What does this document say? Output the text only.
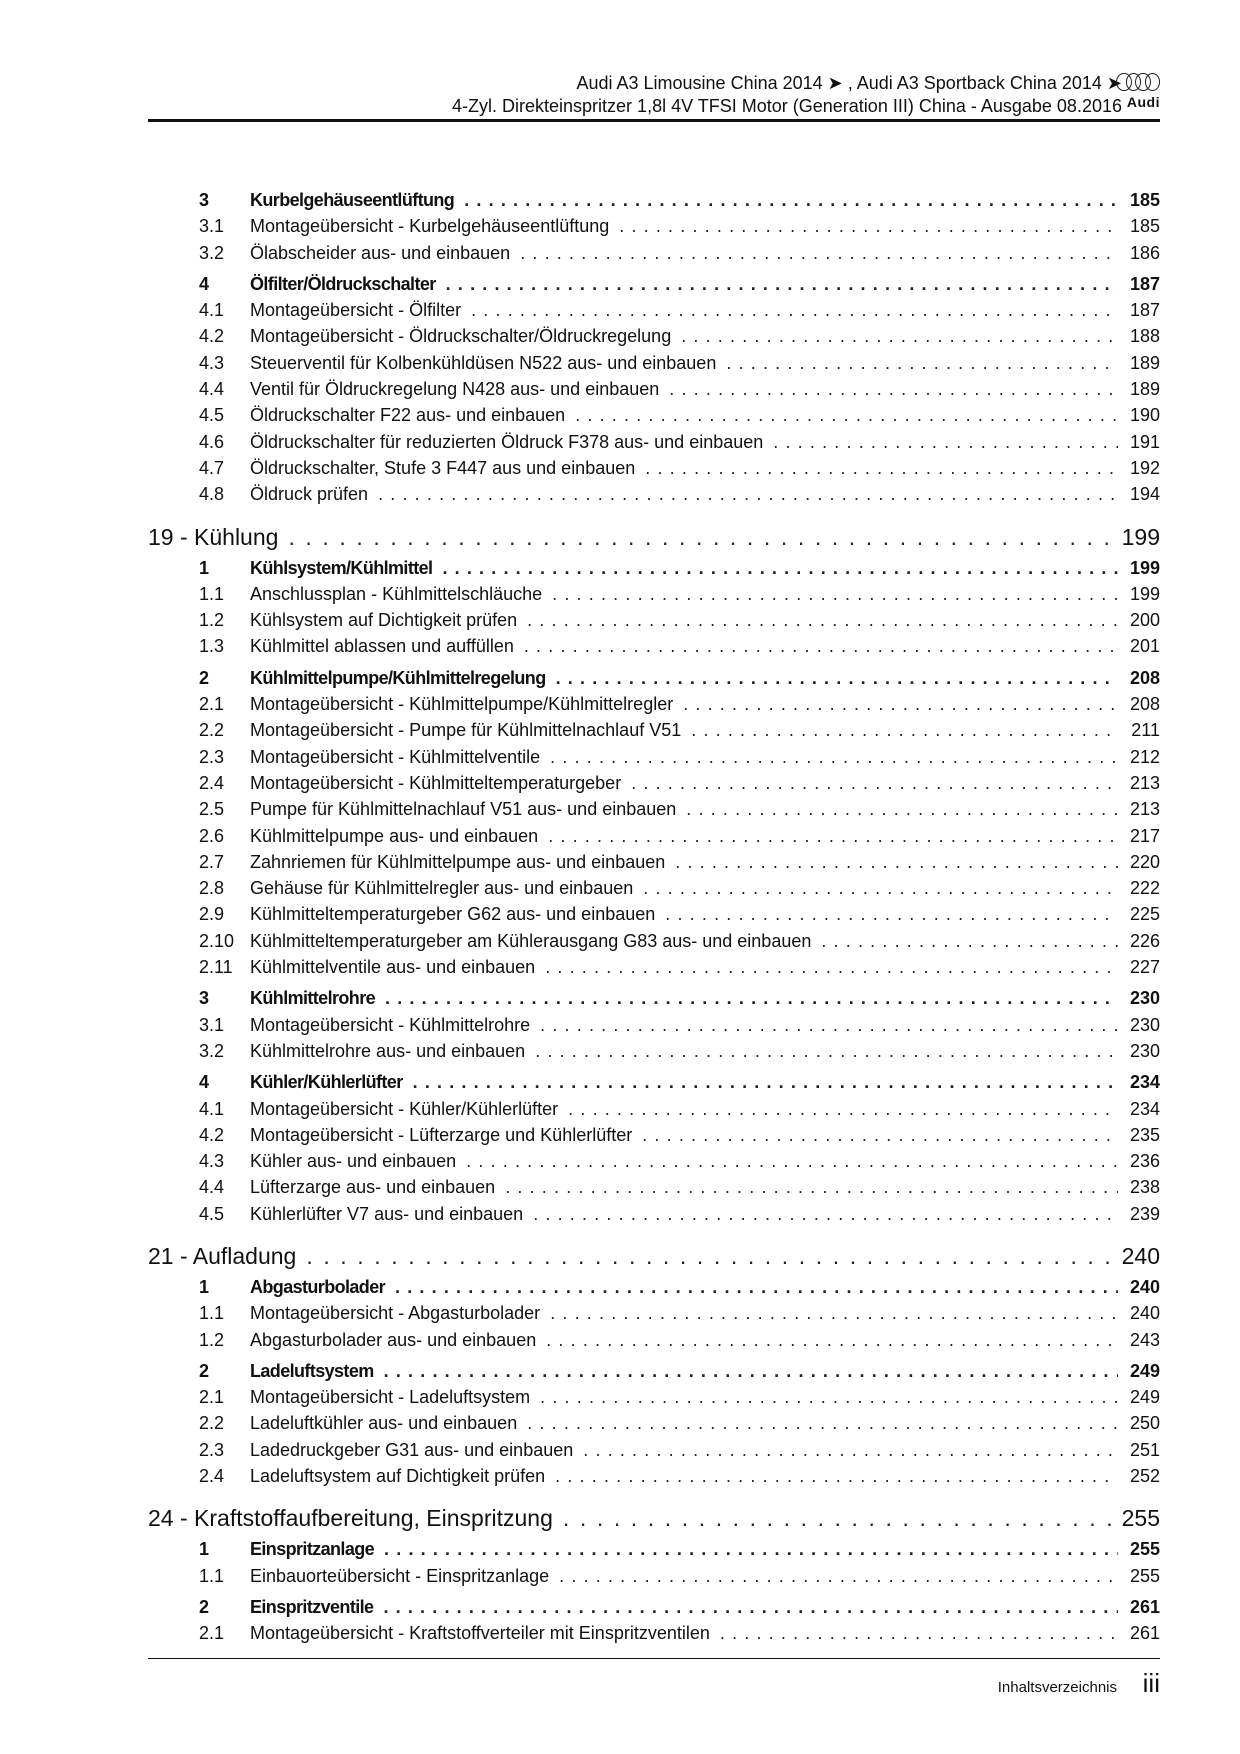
Audi A3 Limousine China 2014 ➤ , Audi A3 Sportback China 2014 ➤
4-Zyl. Direkteinspritzer 1,8l 4V TFSI Motor (Generation III) China - Ausgabe 08.2016 Audi
3	Kurbelgehäuseentlüftung . . .	185
3.1	Montageübersicht - Kurbelgehäuseentlüftung . . .	185
3.2	Ölabscheider aus- und einbauen . . .	186
4	Ölfilter/Öldruckschalter . . .	187
4.1	Montageübersicht - Ölfilter . . .	187
4.2	Montageübersicht - Öldruckschalter/Öldruckregelung . . .	188
4.3	Steuerventil für Kolbenkühldüsen N522 aus- und einbauen . . .	189
4.4	Ventil für Öldruckregelung N428 aus- und einbauen . . .	189
4.5	Öldruckschalter F22 aus- und einbauen . . .	190
4.6	Öldruckschalter für reduzierten Öldruck F378 aus- und einbauen . . .	191
4.7	Öldruckschalter, Stufe 3 F447 aus und einbauen . . .	192
4.8	Öldruck prüfen . . .	194
19 - Kühlung . . .	199
1	Kühlsystem/Kühlmittel . . .	199
1.1	Anschlussplan - Kühlmittelschläuche . . .	199
1.2	Kühlsystem auf Dichtigkeit prüfen . . .	200
1.3	Kühlmittel ablassen und auffüllen . . .	201
2	Kühlmittelpumpe/Kühlmittelregelung . . .	208
2.1	Montageübersicht - Kühlmittelpumpe/Kühlmittelregler . . .	208
2.2	Montageübersicht - Pumpe für Kühlmittelnachlauf V51 . . .	211
2.3	Montageübersicht - Kühlmittelventile . . .	212
2.4	Montageübersicht - Kühlmitteltemperaturgeber . . .	213
2.5	Pumpe für Kühlmittelnachlauf V51 aus- und einbauen . . .	213
2.6	Kühlmittelpumpe aus- und einbauen . . .	217
2.7	Zahnriemen für Kühlmittelpumpe aus- und einbauen . . .	220
2.8	Gehäuse für Kühlmittelregler aus- und einbauen . . .	222
2.9	Kühlmitteltemperaturgeber G62 aus- und einbauen . . .	225
2.10 Kühlmitteltemperaturgeber am Kühlerausgang G83 aus- und einbauen . . .	226
2.11 Kühlmittelventile aus- und einbauen . . .	227
3	Kühlmittelrohre . . .	230
3.1	Montageübersicht - Kühlmittelrohre . . .	230
3.2	Kühlmittelrohre aus- und einbauen . . .	230
4	Kühler/Kühlerlüfter . . .	234
4.1	Montageübersicht - Kühler/Kühlerlüfter . . .	234
4.2	Montageübersicht - Lüfterzarge und Kühlerlüfter . . .	235
4.3	Kühler aus- und einbauen . . .	236
4.4	Lüfterzarge aus- und einbauen . . .	238
4.5	Kühlerlüfter V7 aus- und einbauen . . .	239
21 - Aufladung . . .	240
1	Abgasturbolader . . .	240
1.1	Montageübersicht - Abgasturbolader . . .	240
1.2	Abgasturbolader aus- und einbauen . . .	243
2	Ladeluftsystem . . .	249
2.1	Montageübersicht - Ladeluftsystem . . .	249
2.2	Ladeluftkühler aus- und einbauen . . .	250
2.3	Ladedruckgeber G31 aus- und einbauen . . .	251
2.4	Ladeluftsystem auf Dichtigkeit prüfen . . .	252
24 - Kraftstoffaufbereitung, Einspritzung . . .	255
1	Einspritzanlage . . .	255
1.1	Einbauorteübersicht - Einspritzanlage . . .	255
2	Einspritzventile . . .	261
2.1	Montageübersicht - Kraftstoffverteiler mit Einspritzventilen . . .	261
Inhaltsverzeichnis iii
